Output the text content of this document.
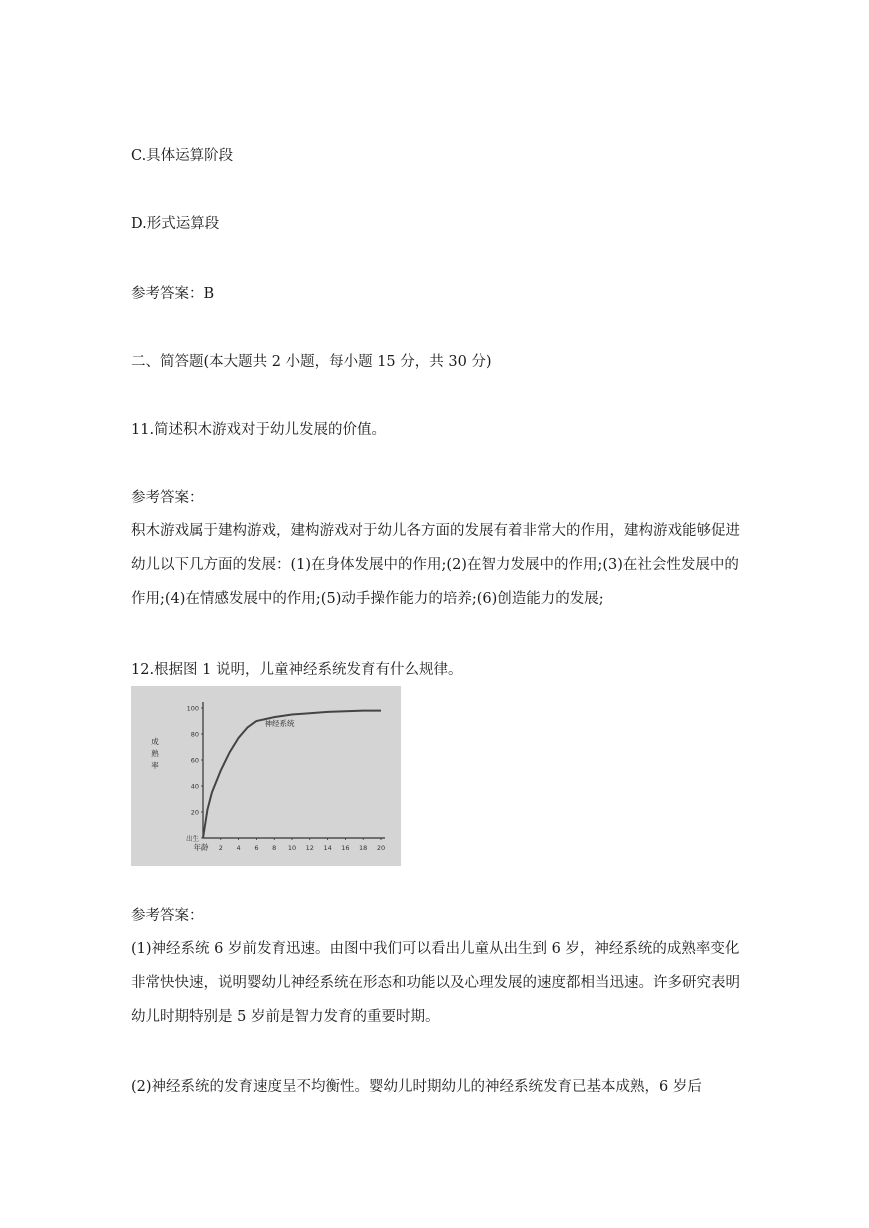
C.具体运算阶段
D.形式运算段
参考答案：B
二、简答题(本大题共 2 小题，每小题 15 分，共 30 分)
11.简述积木游戏对于幼儿发展的价值。
参考答案：
积木游戏属于建构游戏，建构游戏对于幼儿各方面的发展有着非常大的作用，建构游戏能够促进幼儿以下几方面的发展：(1)在身体发展中的作用;(2)在智力发展中的作用;(3)在社会性发展中的作用;(4)在情感发展中的作用;(5)动手操作能力的培养;(6)创造能力的发展;
12.根据图 1 说明，儿童神经系统发育有什么规律。
100
80
60
40
20
出生
2 4 6 8 10 12 14 16 18 20
年龄
成熟率
神经系统
参考答案：
(1)神经系统 6 岁前发育迅速。由图中我们可以看出儿童从出生到 6 岁，神经系统的成熟率变化非常快快速，说明婴幼儿神经系统在形态和功能以及心理发展的速度都相当迅速。许多研究表明幼儿时期特别是 5 岁前是智力发育的重要时期。
(2)神经系统的发育速度呈不均衡性。婴幼儿时期幼儿的神经系统发育已基本成熟，6 岁后
